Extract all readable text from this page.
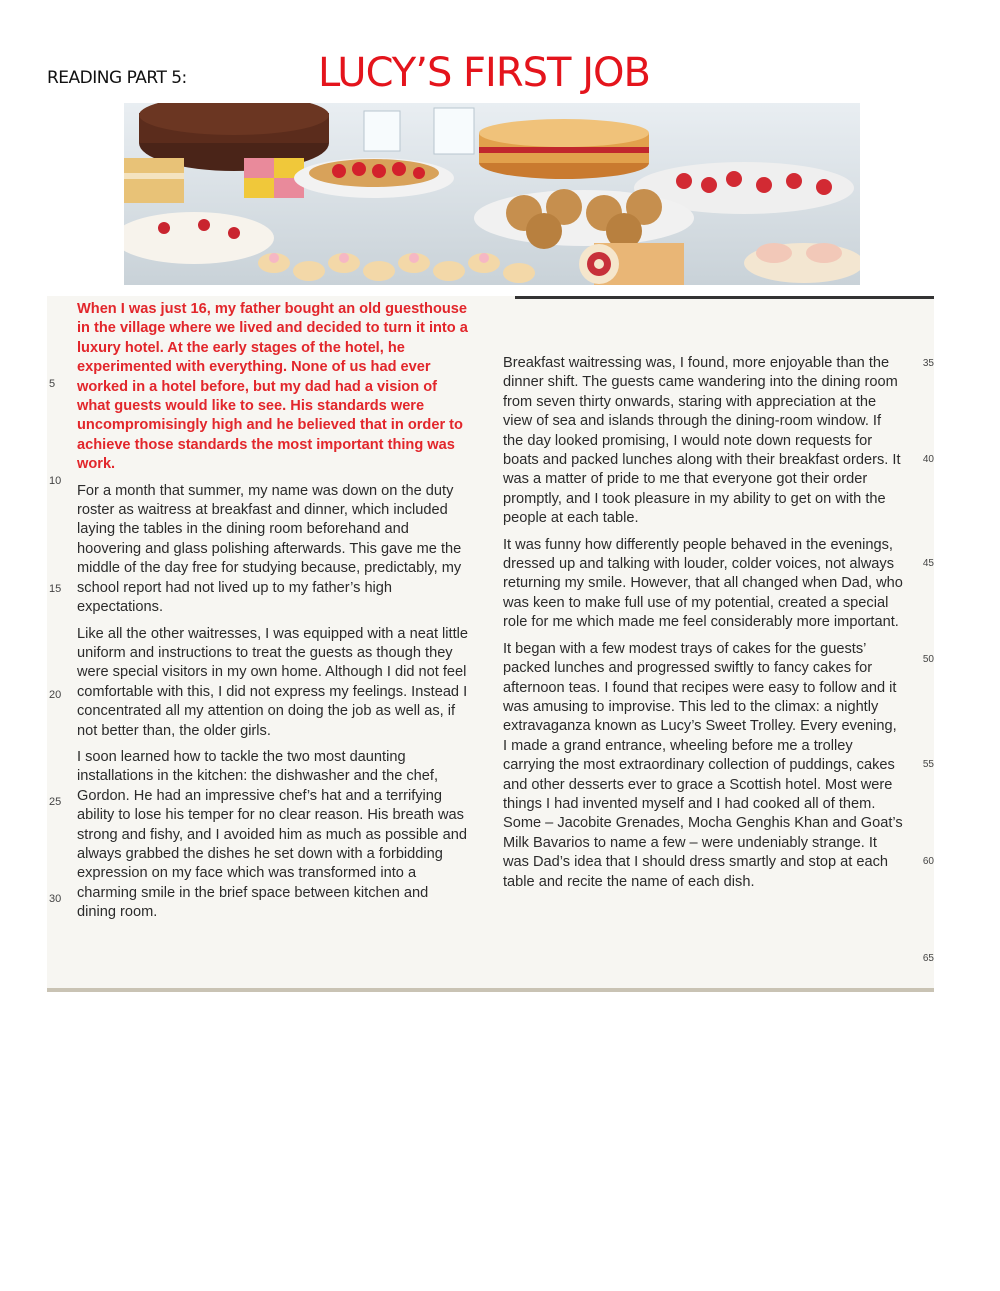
READING PART 5:	LUCY’S FIRST JOB

When I was just 16, my father bought an old guesthouse in the village where we lived and decided to turn it into a luxury hotel. At the early stages of the hotel, he experimented with everything. None of us had ever worked in a hotel before, but my dad had a vision of what guests would like to see. His standards were uncompromisingly high and he believed that in order to achieve those standards the most important thing was work.

For a month that summer, my name was down on the duty roster as waitress at breakfast and dinner, which included laying the tables in the dining room beforehand and hoovering and glass polishing afterwards. This gave me the middle of the day free for studying because, predictably, my school report had not lived up to my father’s high expectations.

Like all the other waitresses, I was equipped with a neat little uniform and instructions to treat the guests as though they were special visitors in my own home. Although I did not feel comfortable with this, I did not express my feelings. Instead I concentrated all my attention on doing the job as well as, if not better than, the older girls.

I soon learned how to tackle the two most daunting installations in the kitchen: the dishwasher and the chef, Gordon. He had an impressive chef’s hat and a terrifying ability to lose his temper for no clear reason. His breath was strong and fishy, and I avoided him as much as possible and always grabbed the dishes he set down with a forbidding expression on my face which was transformed into a charming smile in the brief space between kitchen and dining room.

Breakfast waitressing was, I found, more enjoyable than the dinner shift. The guests came wandering into the dining room from seven thirty onwards, staring with appreciation at the view of sea and islands through the dining-room window. If the day looked promising, I would note down requests for boats and packed lunches along with their breakfast orders. It was a matter of pride to me that everyone got their order promptly, and I took pleasure in my ability to get on with the people at each table.

It was funny how differently people behaved in the evenings, dressed up and talking with louder, colder voices, not always returning my smile. However, that all changed when Dad, who was keen to make full use of my potential, created a special role for me which made me feel considerably more important.

It began with a few modest trays of cakes for the guests’ packed lunches and progressed swiftly to fancy cakes for afternoon teas. I found that recipes were easy to follow and it was amusing to improvise. This led to the climax: a nightly extravaganza known as Lucy’s Sweet Trolley. Every evening, I made a grand entrance, wheeling before me a trolley carrying the most extraordinary collection of puddings, cakes and other desserts ever to grace a Scottish hotel. Most were things I had invented myself and I had cooked all of them. Some – Jacobite Grenades, Mocha Genghis Khan and Goat’s Milk Bavarios to name a few – were undeniably strange. It was Dad’s idea that I should dress smartly and stop at each table and recite the name of each dish.

5
10
15
20
25
30
35
40
45
50
55
60
65
